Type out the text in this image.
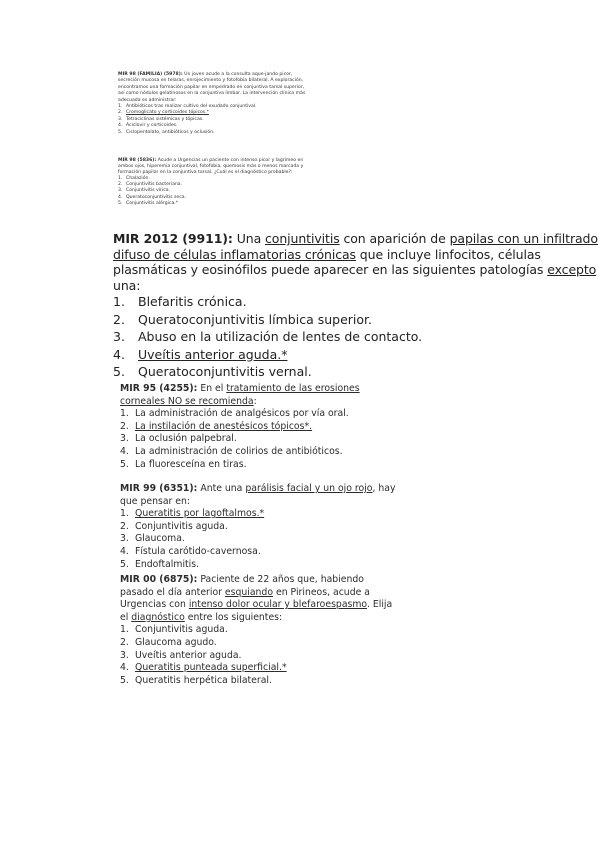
MIR 98 (FAMILIA) (5978): Un joven acude a la consulta aque-jando picor, secreción mucosa en telaras, enrojecimiento y fotofobia bilateral. A exploración, encontramos una formación papilar en empedrado en conjuntiva tarsal superior, así como nódulos gelatinosos en la conjuntiva limbar. La intervención clínica más adecuada es administrar:

1. Antibióticos tras realizar cultivo del exudado conjuntival.
2. Cromoglicato y corticoides tópicos.*
3. Tetraciclinas sistémicas y tópicas.
4. Aciclovir y corticoides.
5. Ciclopentolato, antibióticos y oclusión.

MIR 98 (5836): Acude a Urgencias un paciente con intenso picor y lagrimeo en ambos ojos, hiperemia conjuntival, fotofobia, quemosis más o menos marcada y formación papilar en la conjuntiva tarsal. ¿Cuál es el diagnóstico probable?:

1. Chalazión.
2. Conjuntivitis bacteriana.
3. Conjuntivitis vírica.
4. Queratoconjuntivitis seca.
5. Conjuntivitis alérgica.*

MIR 2012 (9911): Una conjuntivitis con aparición de papilas con un infiltrado difuso de células inflamatorias crónicas que incluye linfocitos, células plasmáticas y eosinófilos puede aparecer en las siguientes patologías excepto una:

1.	Blefaritis crónica.
2.	Queratoconjuntivitis límbica superior.
3.	Abuso en la utilización de lentes de contacto.
4.	Uveítis anterior aguda.*
5.	Queratoconjuntivitis vernal.

MIR 95 (4255): En el tratamiento de las erosiones corneales NO se recomienda:

1. La administración de analgésicos por vía oral.
2. La instilación de anestésicos tópicos*.
3. La oclusión palpebral.
4. La administración de colirios de antibióticos.
5. La fluoresceína en tiras.

MIR 99 (6351): Ante una parálisis facial y un ojo rojo, hay que pensar en:

1. Queratitis por lagoftalmos.*
2. Conjuntivitis aguda.
3. Glaucoma.
4. Fístula carótido-cavernosa.
5. Endoftalmitis.

MIR 00 (6875): Paciente de 22 años que, habiendo pasado el día anterior esquiando en Pirineos, acude a Urgencias con intenso dolor ocular y blefaroespasmo. Elija el diagnóstico entre los siguientes:

1. Conjuntivitis aguda.
2. Glaucoma agudo.
3. Uveítis anterior aguda.
4. Queratitis punteada superficial.*
5. Queratitis herpética bilateral.
